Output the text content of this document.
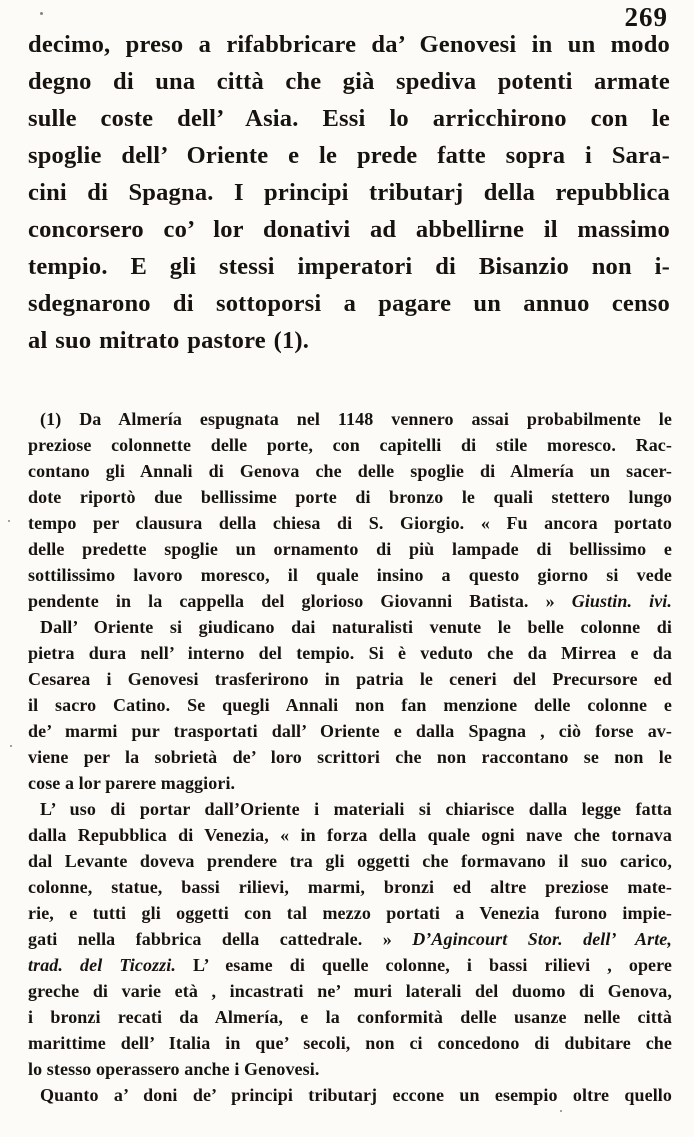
269
decimo, preso a rifabbricare da’ Genovesi in un modo
degno di una città che già spediva potenti armate
sulle coste dell’ Asia. Essi lo arricchirono con le
spoglie dell’ Oriente e le prede fatte sopra i Sara-
cini di Spagna. I principi tributarj della repubblica
concorsero co’ lor donativi ad abbellirne il massimo
tempio. E gli stessi imperatori di Bisanzio non i-
sdegnarono di sottoporsi a pagare un annuo censo
al suo mitrato pastore (1).
(1) Da Almería espugnata nel 1148 vennero assai probabilmente le
preziose colonnette delle porte, con capitelli di stile moresco. Rac-
contano gli Annali di Genova che delle spoglie di Almería un sacer-
dote riportò due bellissime porte di bronzo le quali stettero lungo
tempo per clausura della chiesa di S. Giorgio. « Fu ancora portato
delle predette spoglie un ornamento di più lampade di bellissimo e
sottilissimo lavoro moresco, il quale insino a questo giorno si vede
pendente in la cappella del glorioso Giovanni Batista. » Giustin. ivi.
Dall’ Oriente si giudicano dai naturalisti venute le belle colonne di
pietra dura nell’ interno del tempio. Si è veduto che da Mirrea e da
Cesarea i Genovesi trasferirono in patria le ceneri del Precursore ed
il sacro Catino. Se quegli Annali non fan menzione delle colonne e
de’ marmi pur trasportati dall’ Oriente e dalla Spagna , ciò forse av-
viene per la sobrietà de’ loro scrittori che non raccontano se non le
cose a lor parere maggiori.
L’ uso di portar dall’Oriente i materiali si chiarisce dalla legge fatta
dalla Repubblica di Venezia, « in forza della quale ogni nave che tornava
dal Levante doveva prendere tra gli oggetti che formavano il suo carico,
colonne, statue, bassi rilievi, marmi, bronzi ed altre preziose mate-
rie, e tutti gli oggetti con tal mezzo portati a Venezia furono impie-
gati nella fabbrica della cattedrale. » D’Agincourt Stor. dell’ Arte,
trad. del Ticozzi. L’ esame di quelle colonne, i bassi rilievi , opere
greche di varie età , incastrati ne’ muri laterali del duomo di Genova,
i bronzi recati da Almería, e la conformità delle usanze nelle città
marittime dell’ Italia in que’ secoli, non ci concedono di dubitare che
lo stesso operassero anche i Genovesi.
Quanto a’ doni de’ principi tributarj eccone un esempio oltre quello
